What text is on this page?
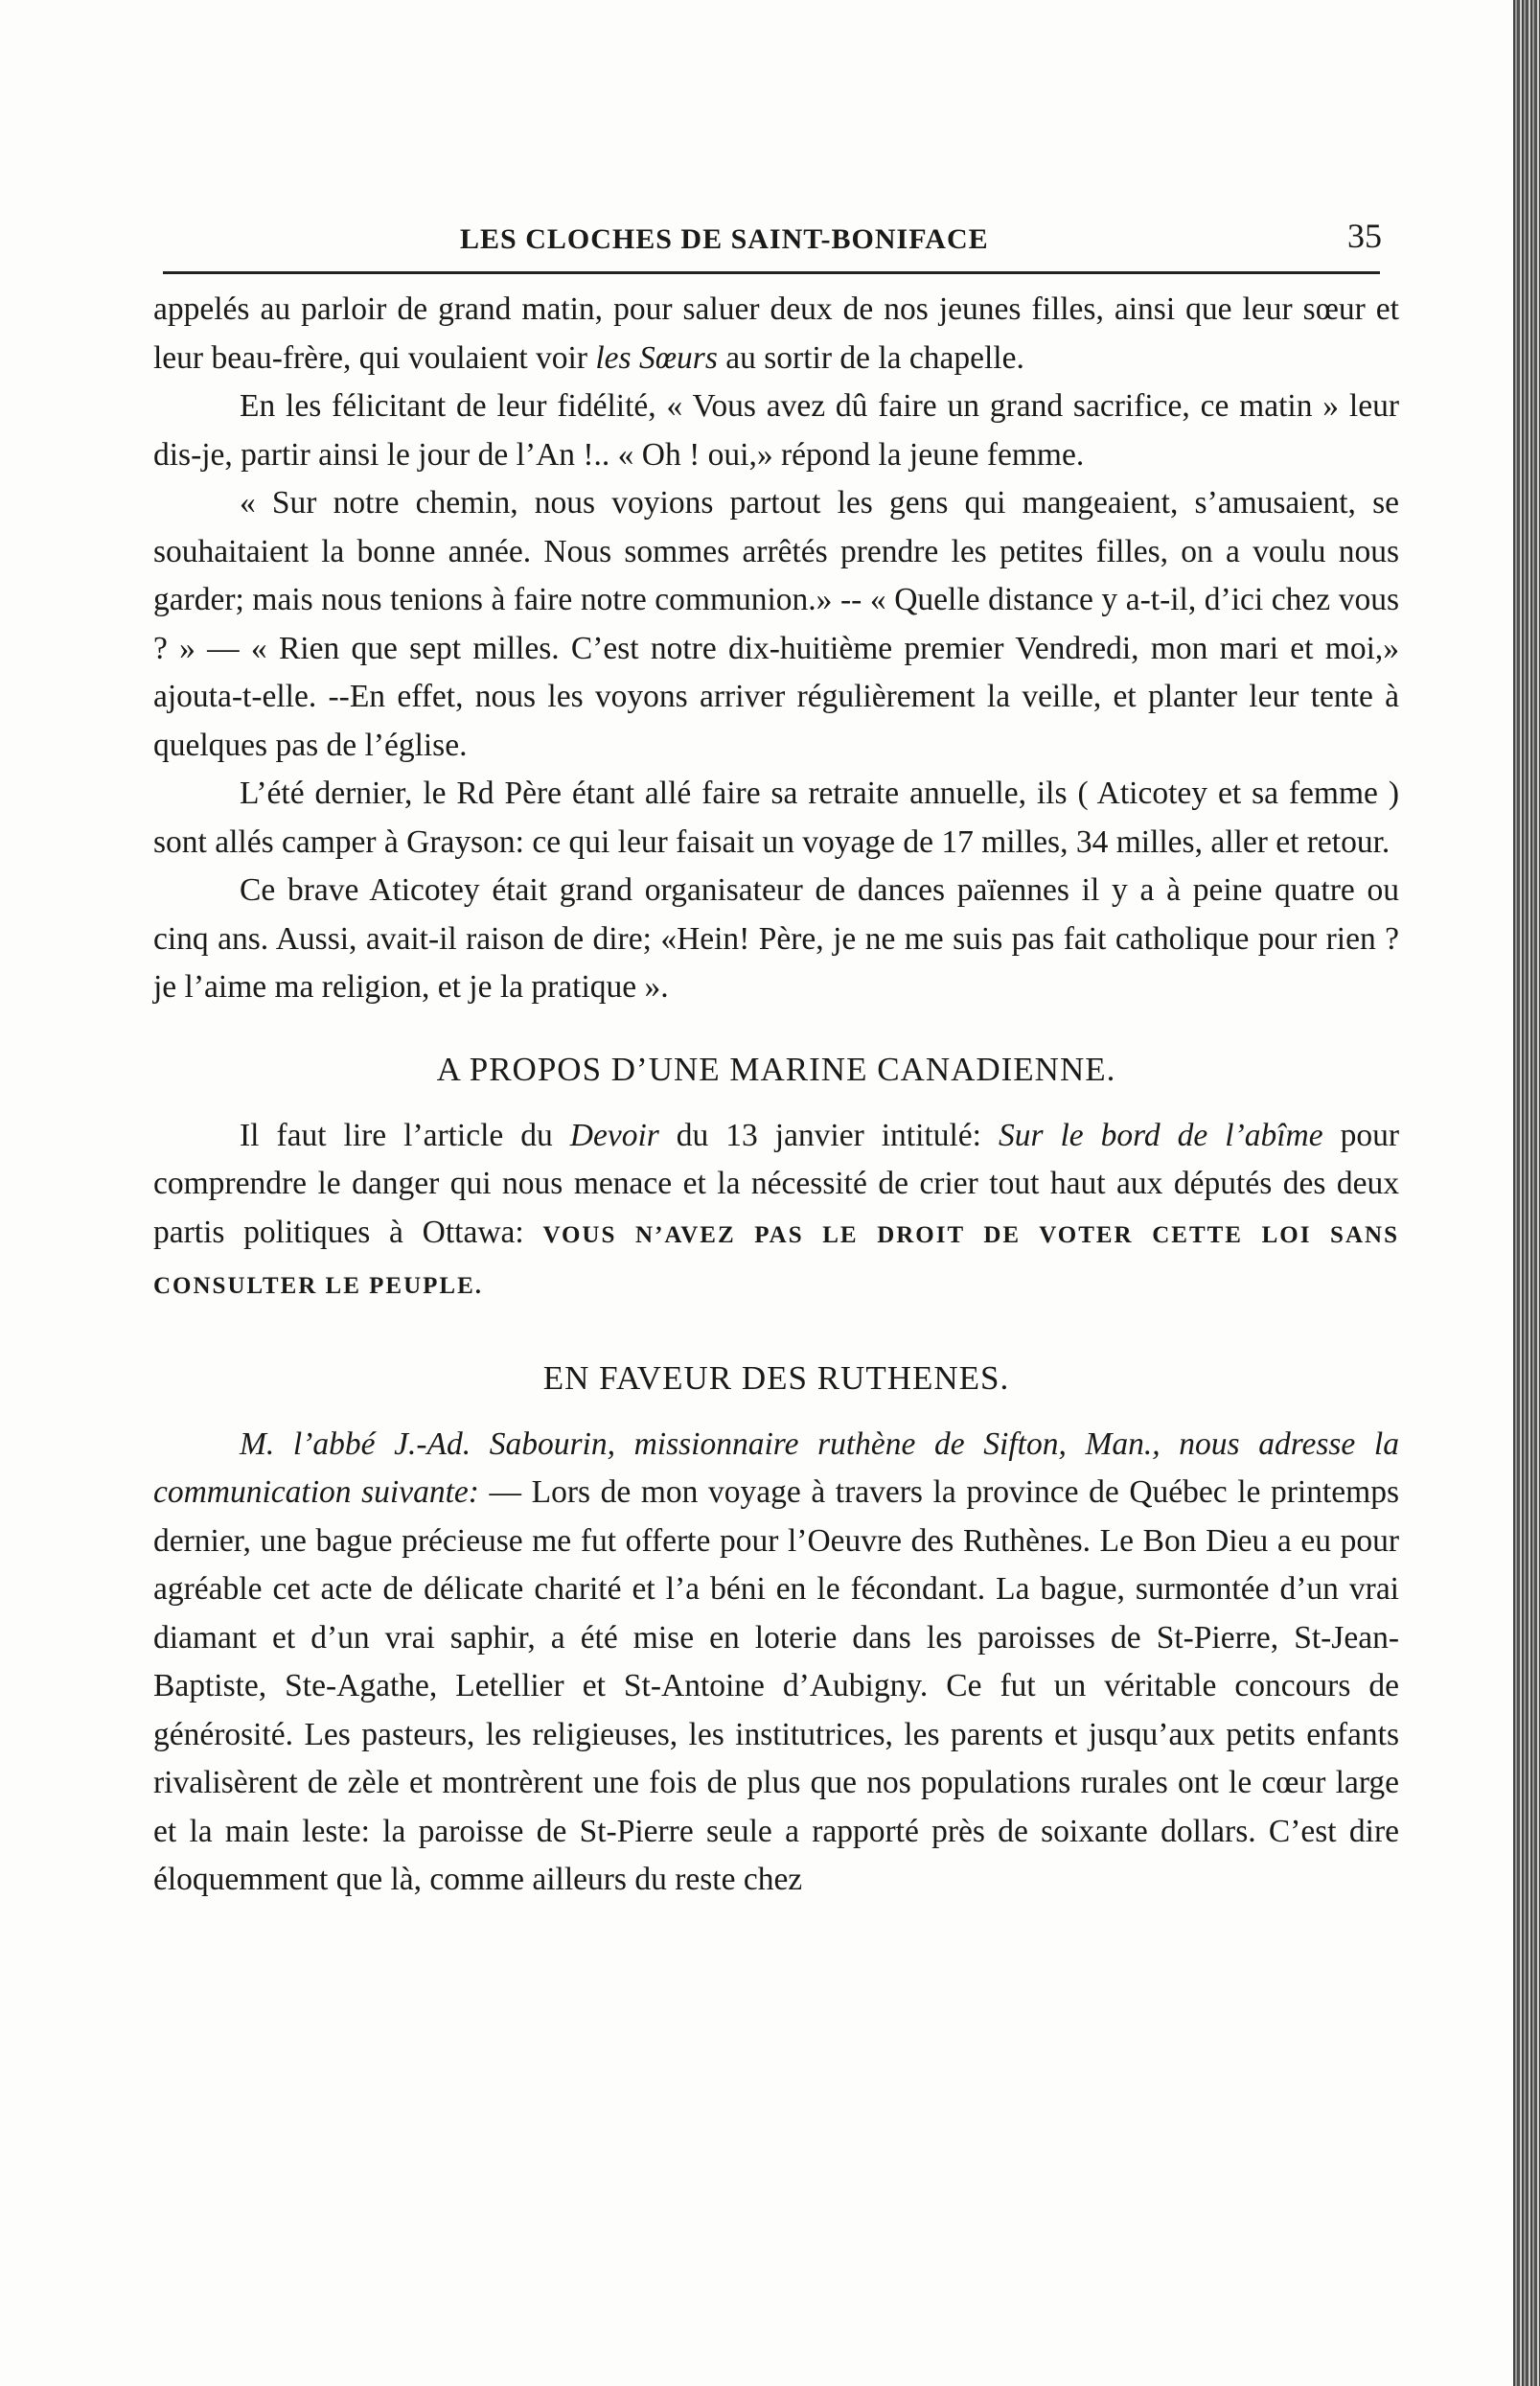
LES CLOCHES DE SAINT-BONIFACE	35

appelés au parloir de grand matin, pour saluer deux de nos jeunes filles, ainsi que leur sœur et leur beau-frère, qui voulaient voir les Sœurs au sortir de la chapelle.

En les félicitant de leur fidélité, « Vous avez dû faire un grand sacrifice, ce matin » leur dis-je, partir ainsi le jour de l’An !.. « Oh ! oui,» répond la jeune femme.

« Sur notre chemin, nous voyions partout les gens qui mangeaient, s’amusaient, se souhaitaient la bonne année. Nous sommes arrêtés prendre les petites filles, on a voulu nous garder; mais nous tenions à faire notre communion.» -- « Quelle distance y a-t-il, d’ici chez vous ? » — « Rien que sept milles. C’est notre dix-huitième premier Vendredi, mon mari et moi,» ajouta-t-elle. --En effet, nous les voyons arriver régulièrement la veille, et planter leur tente à quelques pas de l’église.

L’été dernier, le Rd Père étant allé faire sa retraite annuelle, ils ( Aticotey et sa femme ) sont allés camper à Grayson: ce qui leur faisait un voyage de 17 milles, 34 milles, aller et retour.

Ce brave Aticotey était grand organisateur de dances païennes il y a à peine quatre ou cinq ans. Aussi, avait-il raison de dire; «Hein! Père, je ne me suis pas fait catholique pour rien ? je l’aime ma religion, et je la pratique ».

A PROPOS D’UNE MARINE CANADIENNE.

Il faut lire l’article du Devoir du 13 janvier intitulé: Sur le bord de l’abîme pour comprendre le danger qui nous menace et la nécessité de crier tout haut aux députés des deux partis politiques à Ottawa: VOUS N’AVEZ PAS LE DROIT DE VOTER CETTE LOI SANS CONSULTER LE PEUPLE.

EN FAVEUR DES RUTHENES.

M. l’abbé J.-Ad. Sabourin, missionnaire ruthène de Sifton, Man., nous adresse la communication suivante: — Lors de mon voyage à travers la province de Québec le printemps dernier, une bague précieuse me fut offerte pour l’Oeuvre des Ruthènes. Le Bon Dieu a eu pour agréable cet acte de délicate charité et l’a béni en le fécondant. La bague, surmontée d’un vrai diamant et d’un vrai saphir, a été mise en loterie dans les paroisses de St-Pierre, St-Jean-Baptiste, Ste-Agathe, Letellier et St-Antoine d’Aubigny. Ce fut un véritable concours de générosité. Les pasteurs, les religieuses, les institutrices, les parents et jusqu’aux petits enfants rivalisèrent de zèle et montrèrent une fois de plus que nos populations rurales ont le cœur large et la main leste: la paroisse de St-Pierre seule a rapporté près de soixante dollars. C’est dire éloquemment que là, comme ailleurs du reste chez
